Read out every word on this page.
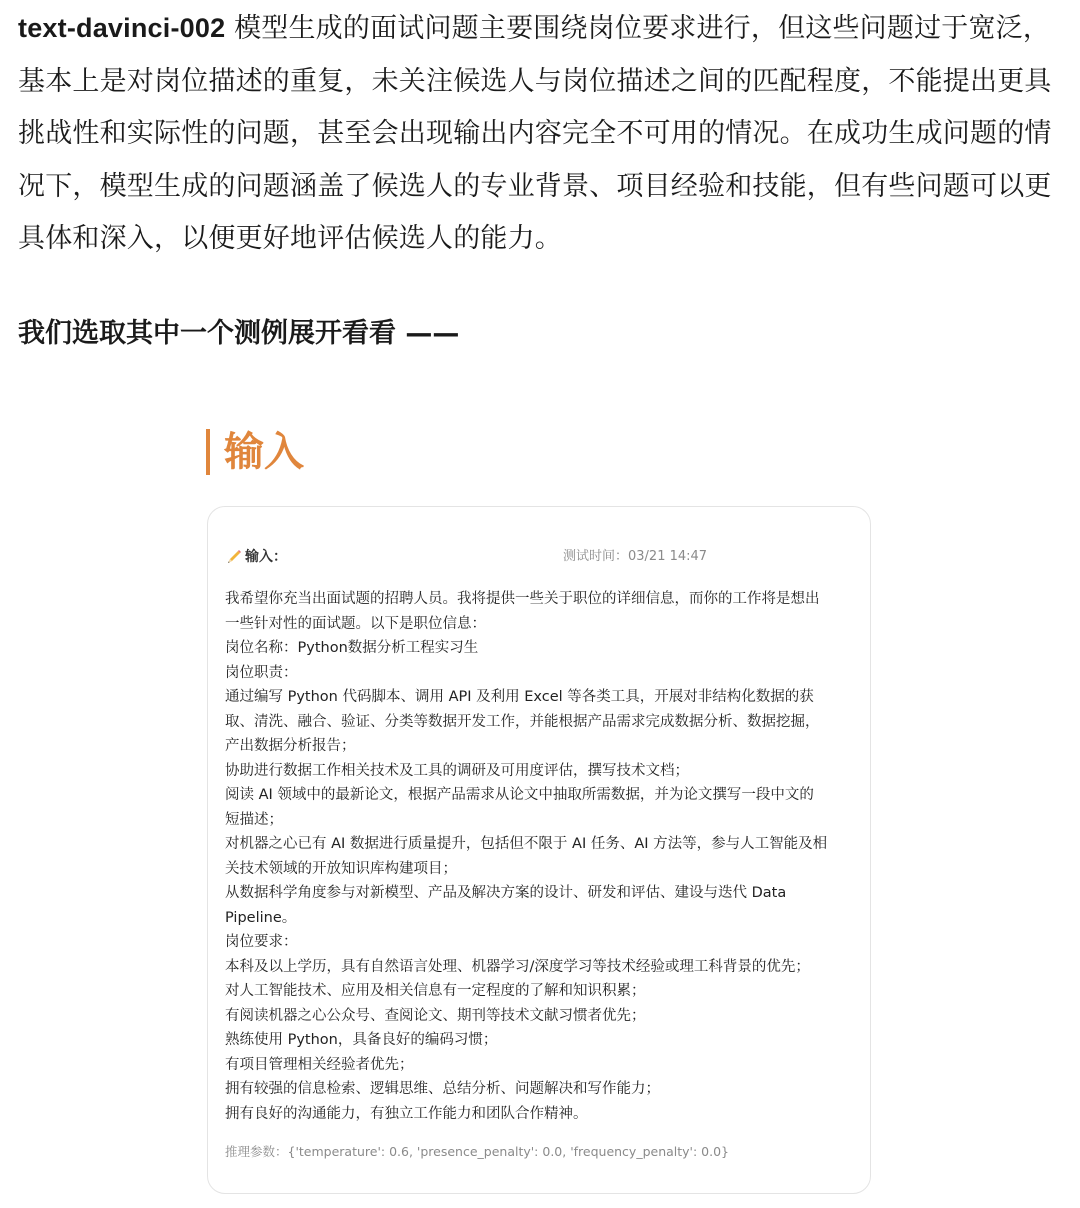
text-davinci-002 模型生成的面试问题主要围绕岗位要求进行，但这些问题过于宽泛，基本上是对岗位描述的重复，未关注候选人与岗位描述之间的匹配程度，不能提出更具挑战性和实际性的问题，甚至会出现输出内容完全不可用的情况。在成功生成问题的情况下，模型生成的问题涵盖了候选人的专业背景、项目经验和技能，但有些问题可以更具体和深入，以便更好地评估候选人的能力。

我们选取其中一个测例展开看看 ——

输入
输入：	测试时间：03/21 14:47
我希望你充当出面试题的招聘人员。我将提供一些关于职位的详细信息，而你的工作将是想出
一些针对性的面试题。以下是职位信息：
岗位名称：Python数据分析工程实习生
岗位职责：
通过编写 Python 代码脚本、调用 API 及利用 Excel 等各类工具，开展对非结构化数据的获
取、清洗、融合、验证、分类等数据开发工作，并能根据产品需求完成数据分析、数据挖掘，
产出数据分析报告；
协助进行数据工作相关技术及工具的调研及可用度评估，撰写技术文档；
阅读 AI 领域中的最新论文，根据产品需求从论文中抽取所需数据，并为论文撰写一段中文的
短描述；
对机器之心已有 AI 数据进行质量提升，包括但不限于 AI 任务、AI 方法等，参与人工智能及相
关技术领域的开放知识库构建项目；
从数据科学角度参与对新模型、产品及解决方案的设计、研发和评估、建设与迭代 Data
Pipeline。
岗位要求：
本科及以上学历，具有自然语言处理、机器学习/深度学习等技术经验或理工科背景的优先；
对人工智能技术、应用及相关信息有一定程度的了解和知识积累；
有阅读机器之心公众号、查阅论文、期刊等技术文献习惯者优先；
熟练使用 Python，具备良好的编码习惯；
有项目管理相关经验者优先；
拥有较强的信息检索、逻辑思维、总结分析、问题解决和写作能力；
拥有良好的沟通能力，有独立工作能力和团队合作精神。
推理参数：{'temperature': 0.6, 'presence_penalty': 0.0, 'frequency_penalty': 0.0}
